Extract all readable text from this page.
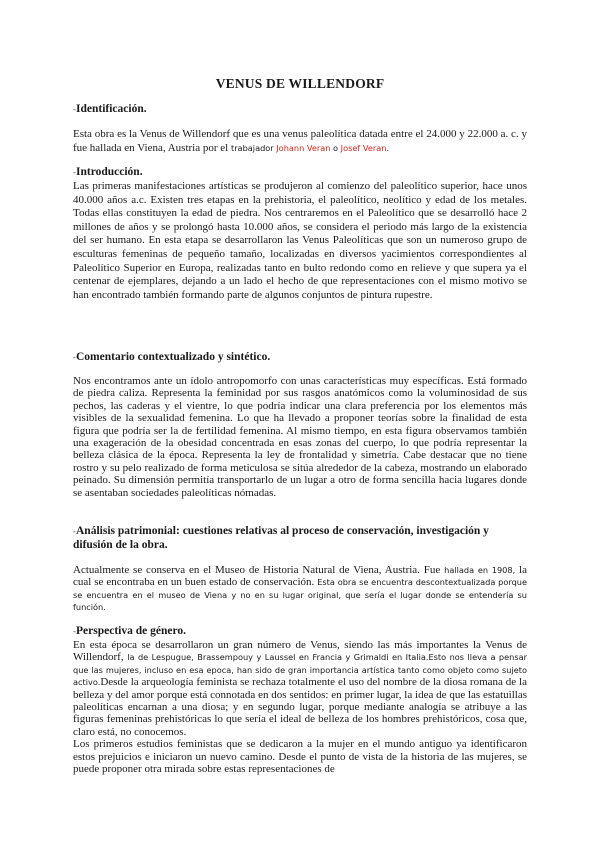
VENUS DE WILLENDORF
-Identificación.
Esta obra es la Venus de Willendorf que es una venus paleolítica datada entre el 24.000 y 22.000 a. c. y fue hallada en Viena, Austria por el trabajador Johann Veran o Josef Veran.
-Introducción.
Las primeras manifestaciones artísticas se produjeron al comienzo del paleolítico superior, hace unos 40.000 años a.c. Existen tres etapas en la prehistoria, el paleolítico, neolítico y edad de los metales. Todas ellas constituyen la edad de piedra. Nos centraremos en el Paleolítico que se desarrolló hace 2 millones de años y se prolongó hasta 10.000 años, se considera el periodo más largo de la existencia del ser humano. En esta etapa se desarrollaron las Venus Paleolíticas que son un numeroso grupo de esculturas femeninas de pequeño tamaño, localizadas en diversos yacimientos correspondientes al Paleolítico Superior en Europa, realizadas tanto en bulto redondo como en relieve y que supera ya el centenar de ejemplares, dejando a un lado el hecho de que representaciones con el mismo motivo se han encontrado también formando parte de algunos conjuntos de pintura rupestre.
-Comentario contextualizado y sintético.
Nos encontramos ante un ídolo antropomorfo con unas características muy específicas. Está formado de piedra caliza. Representa la feminidad por sus rasgos anatómicos como la voluminosidad de sus pechos, las caderas y el vientre, lo que podría indicar una clara preferencia por los elementos más visibles de la sexualidad femenina. Lo que ha llevado a proponer teorías sobre la finalidad de esta figura que podría ser la de fertilidad femenina. Al mismo tiempo, en esta figura observamos también una exageración de la obesidad concentrada en esas zonas del cuerpo, lo que podría representar la belleza clásica de la época. Representa la ley de frontalidad y simetría. Cabe destacar que no tiene rostro y su pelo realizado de forma meticulosa se sitúa alrededor de la cabeza, mostrando un elaborado peinado. Su dimensión permitía transportarlo de un lugar a otro de forma sencilla hacia lugares donde se asentaban sociedades paleolíticas nómadas.
-Análisis patrimonial: cuestiones relativas al proceso de conservación, investigación y difusión de la obra.
Actualmente se conserva en el Museo de Historia Natural de Viena, Austria. Fue hallada en 1908, la cual se encontraba en un buen estado de conservación. Esta obra se encuentra descontextualizada porque se encuentra en el museo de Viena y no en su lugar original, que sería el lugar donde se entendería su función.
-Perspectiva de género.
En esta época se desarrollaron un gran número de Venus, siendo las más importantes la Venus de Willendorf, la de Lespugue, Brassempouy y Laussel en Francia y Grimaldi en Italia.Esto nos lleva a pensar que las mujeres, incluso en esa epoca, han sido de gran importancia artística tanto como objeto como sujeto activo.Desde la arqueología feminista se rechaza totalmente el uso del nombre de la diosa romana de la belleza y del amor porque está connotada en dos sentidos: en primer lugar, la idea de que las estatuillas paleolíticas encarnan a una diosa; y en segundo lugar, porque mediante analogía se atribuye a las figuras femeninas prehistóricas lo que sería el ideal de belleza de los hombres prehistóricos, cosa que, claro está, no conocemos.
Los primeros estudios feministas que se dedicaron a la mujer en el mundo antiguo ya identificaron estos prejuicios e iniciaron un nuevo camino. Desde el punto de vista de la historia de las mujeres, se puede proponer otra mirada sobre estas representaciones de
